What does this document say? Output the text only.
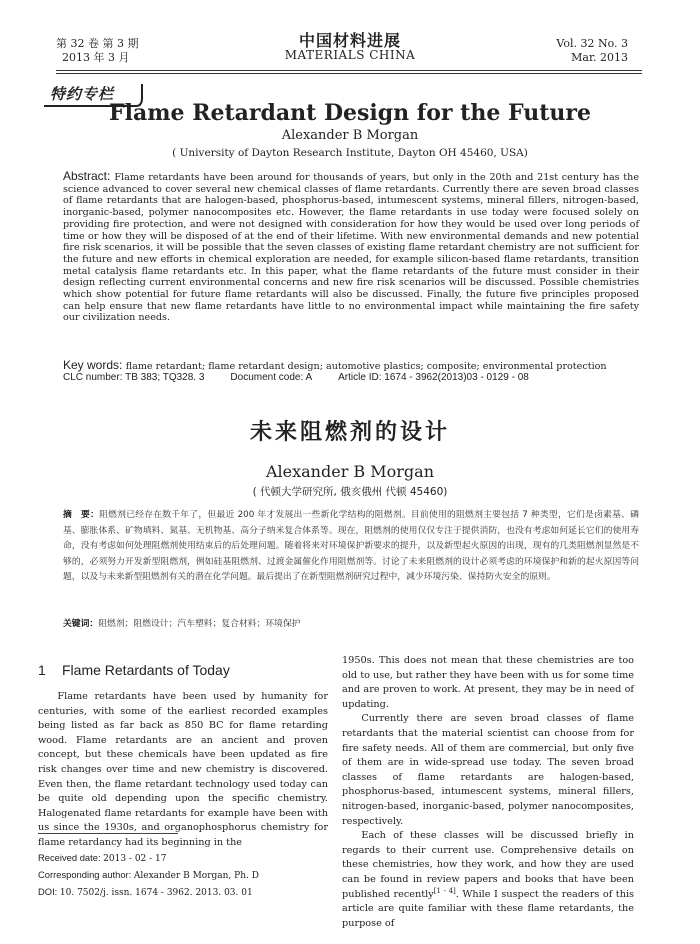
第 32 卷 第 3 期
2013 年 3 月
中国材料进展
MATERIALS CHINA
Vol. 32 No. 3
Mar. 2013
特约专栏
Flame Retardant Design for the Future
Alexander B Morgan
( University of Dayton Research Institute, Dayton OH 45460, USA)
Abstract: Flame retardants have been around for thousands of years, but only in the 20th and 21st century has the science advanced to cover several new chemical classes of flame retardants. Currently there are seven broad classes of flame retardants that are halogen-based, phosphorus-based, intumescent systems, mineral fillers, nitrogen-based, inorganic-based, polymer nanocomposites etc. However, the flame retardants in use today were focused solely on providing fire protection, and were not designed with consideration for how they would be used over long periods of time or how they will be disposed of at the end of their lifetime. With new environmental demands and new potential fire risk scenarios, it will be possible that the seven classes of existing flame retardant chemistry are not sufficient for the future and new efforts in chemical exploration are needed, for example silicon-based flame retardants, transition metal catalysis flame retardants etc. In this paper, what the flame retardants of the future must consider in their design reflecting current environmental concerns and new fire risk scenarios will be discussed. Possible chemistries which show potential for future flame retardants will also be discussed. Finally, the future five principles proposed can help ensure that new flame retardants have little to no environmental impact while maintaining the fire safety our civilization needs.
Key words: flame retardant; flame retardant design; automotive plastics; composite; environmental protection
CLC number: TB 383; TQ328. 3	Document code: A	Article ID: 1674 - 3962(2013)03 - 0129 - 08
未来阻燃剂的设计
Alexander B Morgan
( 代顿大学研究所, 俄亥俄州 代顿 45460)
摘　要：阻燃剂已经存在数千年了，但最近 200 年才发展出一些新化学结构的阻燃剂。目前使用的阻燃剂主要包括 7 种类型，它们是卤素基、磷基、膨胀体系、矿物填料、氮基、无机物基、高分子纳米复合体系等。现在，阻燃剂的使用仅仅专注于提供消防，也没有考虑如何延长它们的使用寿命，没有考虑如何处理阻燃剂使用结束后的后处理问题。随着将来对环境保护新要求的提升，以及新型起火原因的出现，现有的几类阻燃剂显然是不够的，必须努力开发新型阻燃剂，例如硅基阻燃剂、过渡金属催化作用阻燃剂等。讨论了未来阻燃剂的设计必须考虑的环境保护和新的起火原因等问题，以及与未来新型阻燃剂有关的潜在化学问题。最后提出了在新型阻燃剂研究过程中，减少环境污染、保持防火安全的原则。
关键词：阻燃剂；阻燃设计；汽车塑料；复合材料；环境保护
1 Flame Retardants of Today

Flame retardants have been used by humanity for centuries, with some of the earliest recorded examples being listed as far back as 850 BC for flame retarding wood. Flame retardants are an ancient and proven concept, but these chemicals have been updated as fire risk changes over time and new chemistry is discovered. Even then, the flame retardant technology used today can be quite old depending upon the specific chemistry. Halogenated flame retardants for example have been with us since the 1930s, and organophosphorus chemistry for flame retardancy had its beginning in the

1950s. This does not mean that these chemistries are too old to use, but rather they have been with us for some time and are proven to work. At present, they may be in need of updating.

Currently there are seven broad classes of flame retardants that the material scientist can choose from for fire safety needs. All of them are commercial, but only five of them are in wide-spread use today. The seven broad classes of flame retardants are halogen-based, phosphorus-based, intumescent systems, mineral fillers, nitrogen-based, inorganic-based, polymer nanocomposites, respectively.

Each of these classes will be discussed briefly in regards to their current use. Comprehensive details on these chemistries, how they work, and how they are used can be found in review papers and books that have been published recently[1 - 4]. While I suspect the readers of this article are quite familiar with these flame retardants, the purpose of

Received date: 2013 - 02 - 17
Corresponding author: Alexander B Morgan, Ph. D
DOI: 10. 7502/j. issn. 1674 - 3962. 2013. 03. 01
